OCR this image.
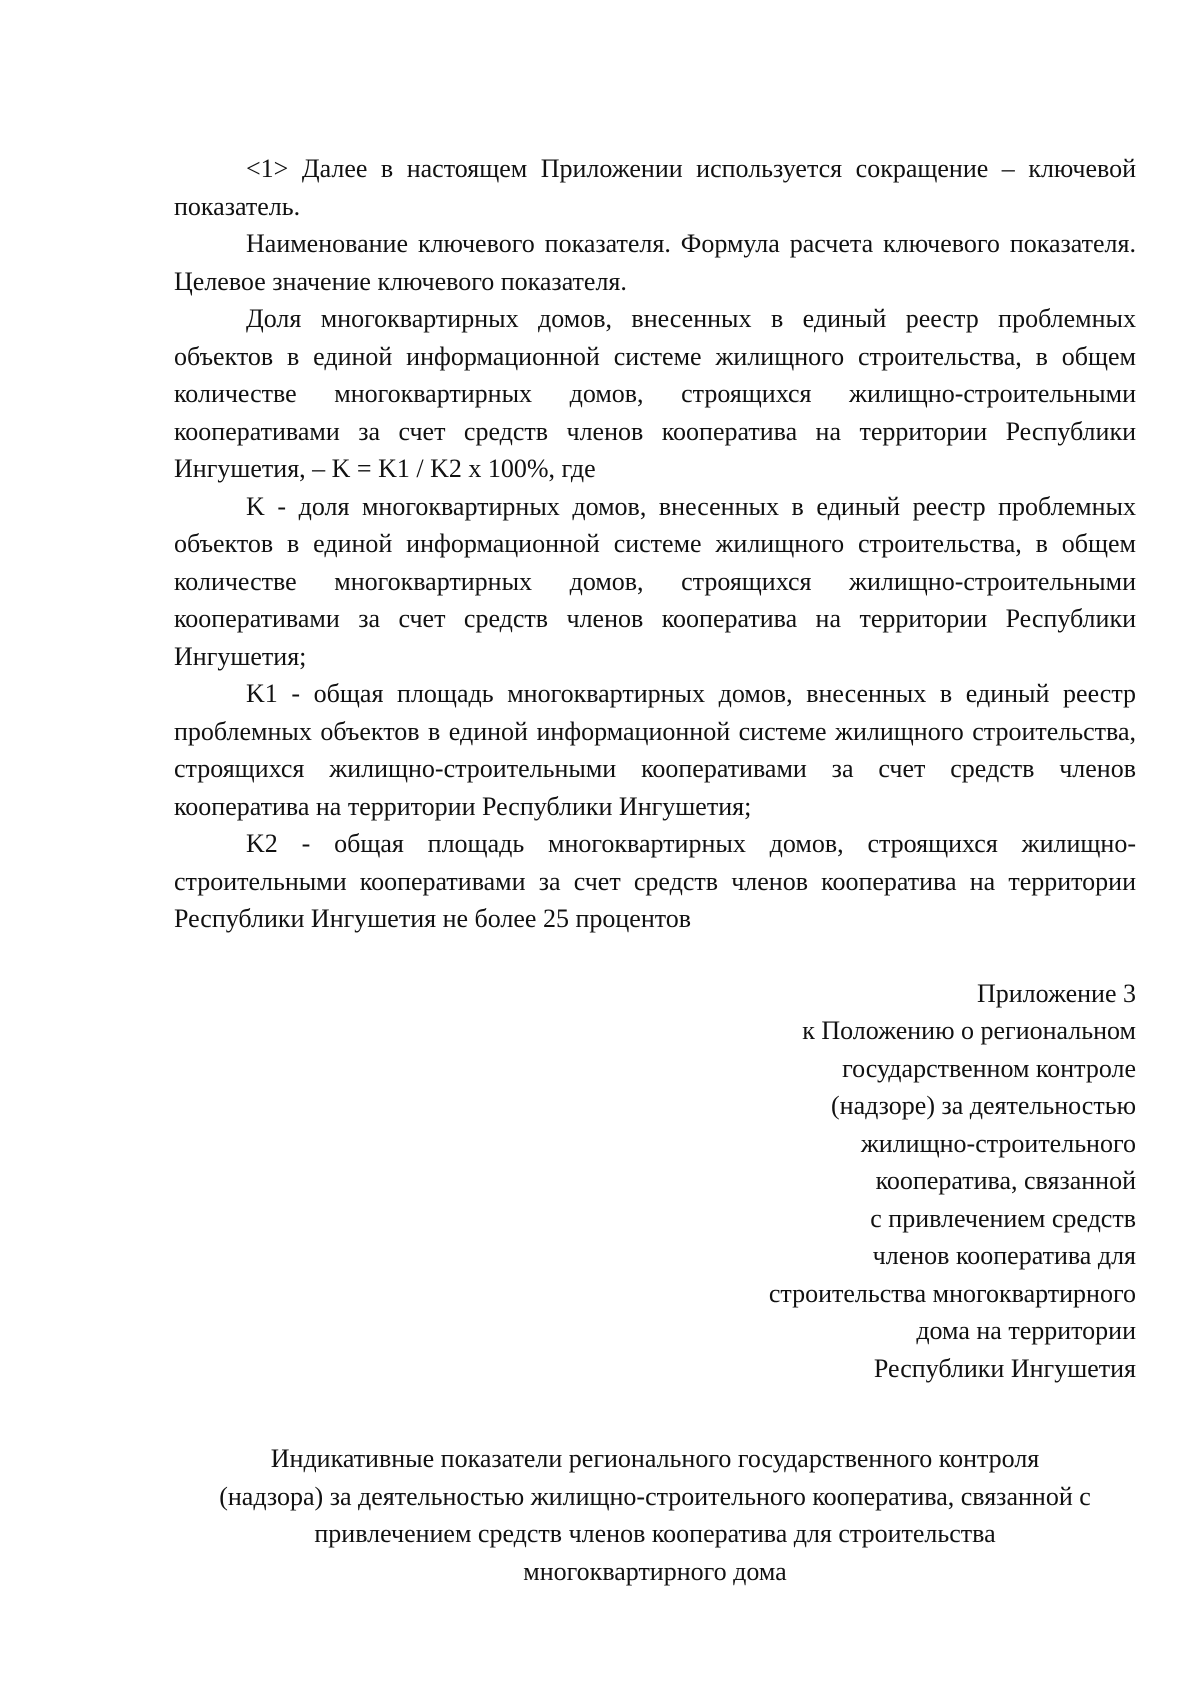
<1> Далее в настоящем Приложении используется сокращение – ключевой показатель.

Наименование ключевого показателя. Формула расчета ключевого показателя. Целевое значение ключевого показателя.

Доля многоквартирных домов, внесенных в единый реестр проблемных объектов в единой информационной системе жилищного строительства, в общем количестве многоквартирных домов, строящихся жилищно-строительными кооперативами за счет средств членов кооператива на территории Республики Ингушетия, – K = K1 / K2 x 100%, где

K - доля многоквартирных домов, внесенных в единый реестр проблемных объектов в единой информационной системе жилищного строительства, в общем количестве многоквартирных домов, строящихся жилищно-строительными кооперативами за счет средств членов кооператива на территории Республики Ингушетия;

K1 - общая площадь многоквартирных домов, внесенных в единый реестр проблемных объектов в единой информационной системе жилищного строительства, строящихся жилищно-строительными кооперативами за счет средств членов кооператива на территории Республики Ингушетия;

K2 - общая площадь многоквартирных домов, строящихся жилищно-строительными кооперативами за счет средств членов кооператива на территории Республики Ингушетия не более 25 процентов

Приложение 3
к Положению о региональном
государственном контроле
(надзоре) за деятельностью
жилищно-строительного
кооператива, связанной
с привлечением средств
членов кооператива для
строительства многоквартирного
дома на территории
Республики Ингушетия
Индикативные показатели регионального государственного контроля
(надзора) за деятельностью жилищно-строительного кооператива, связанной с
привлечением средств членов кооператива для строительства
многоквартирного дома
